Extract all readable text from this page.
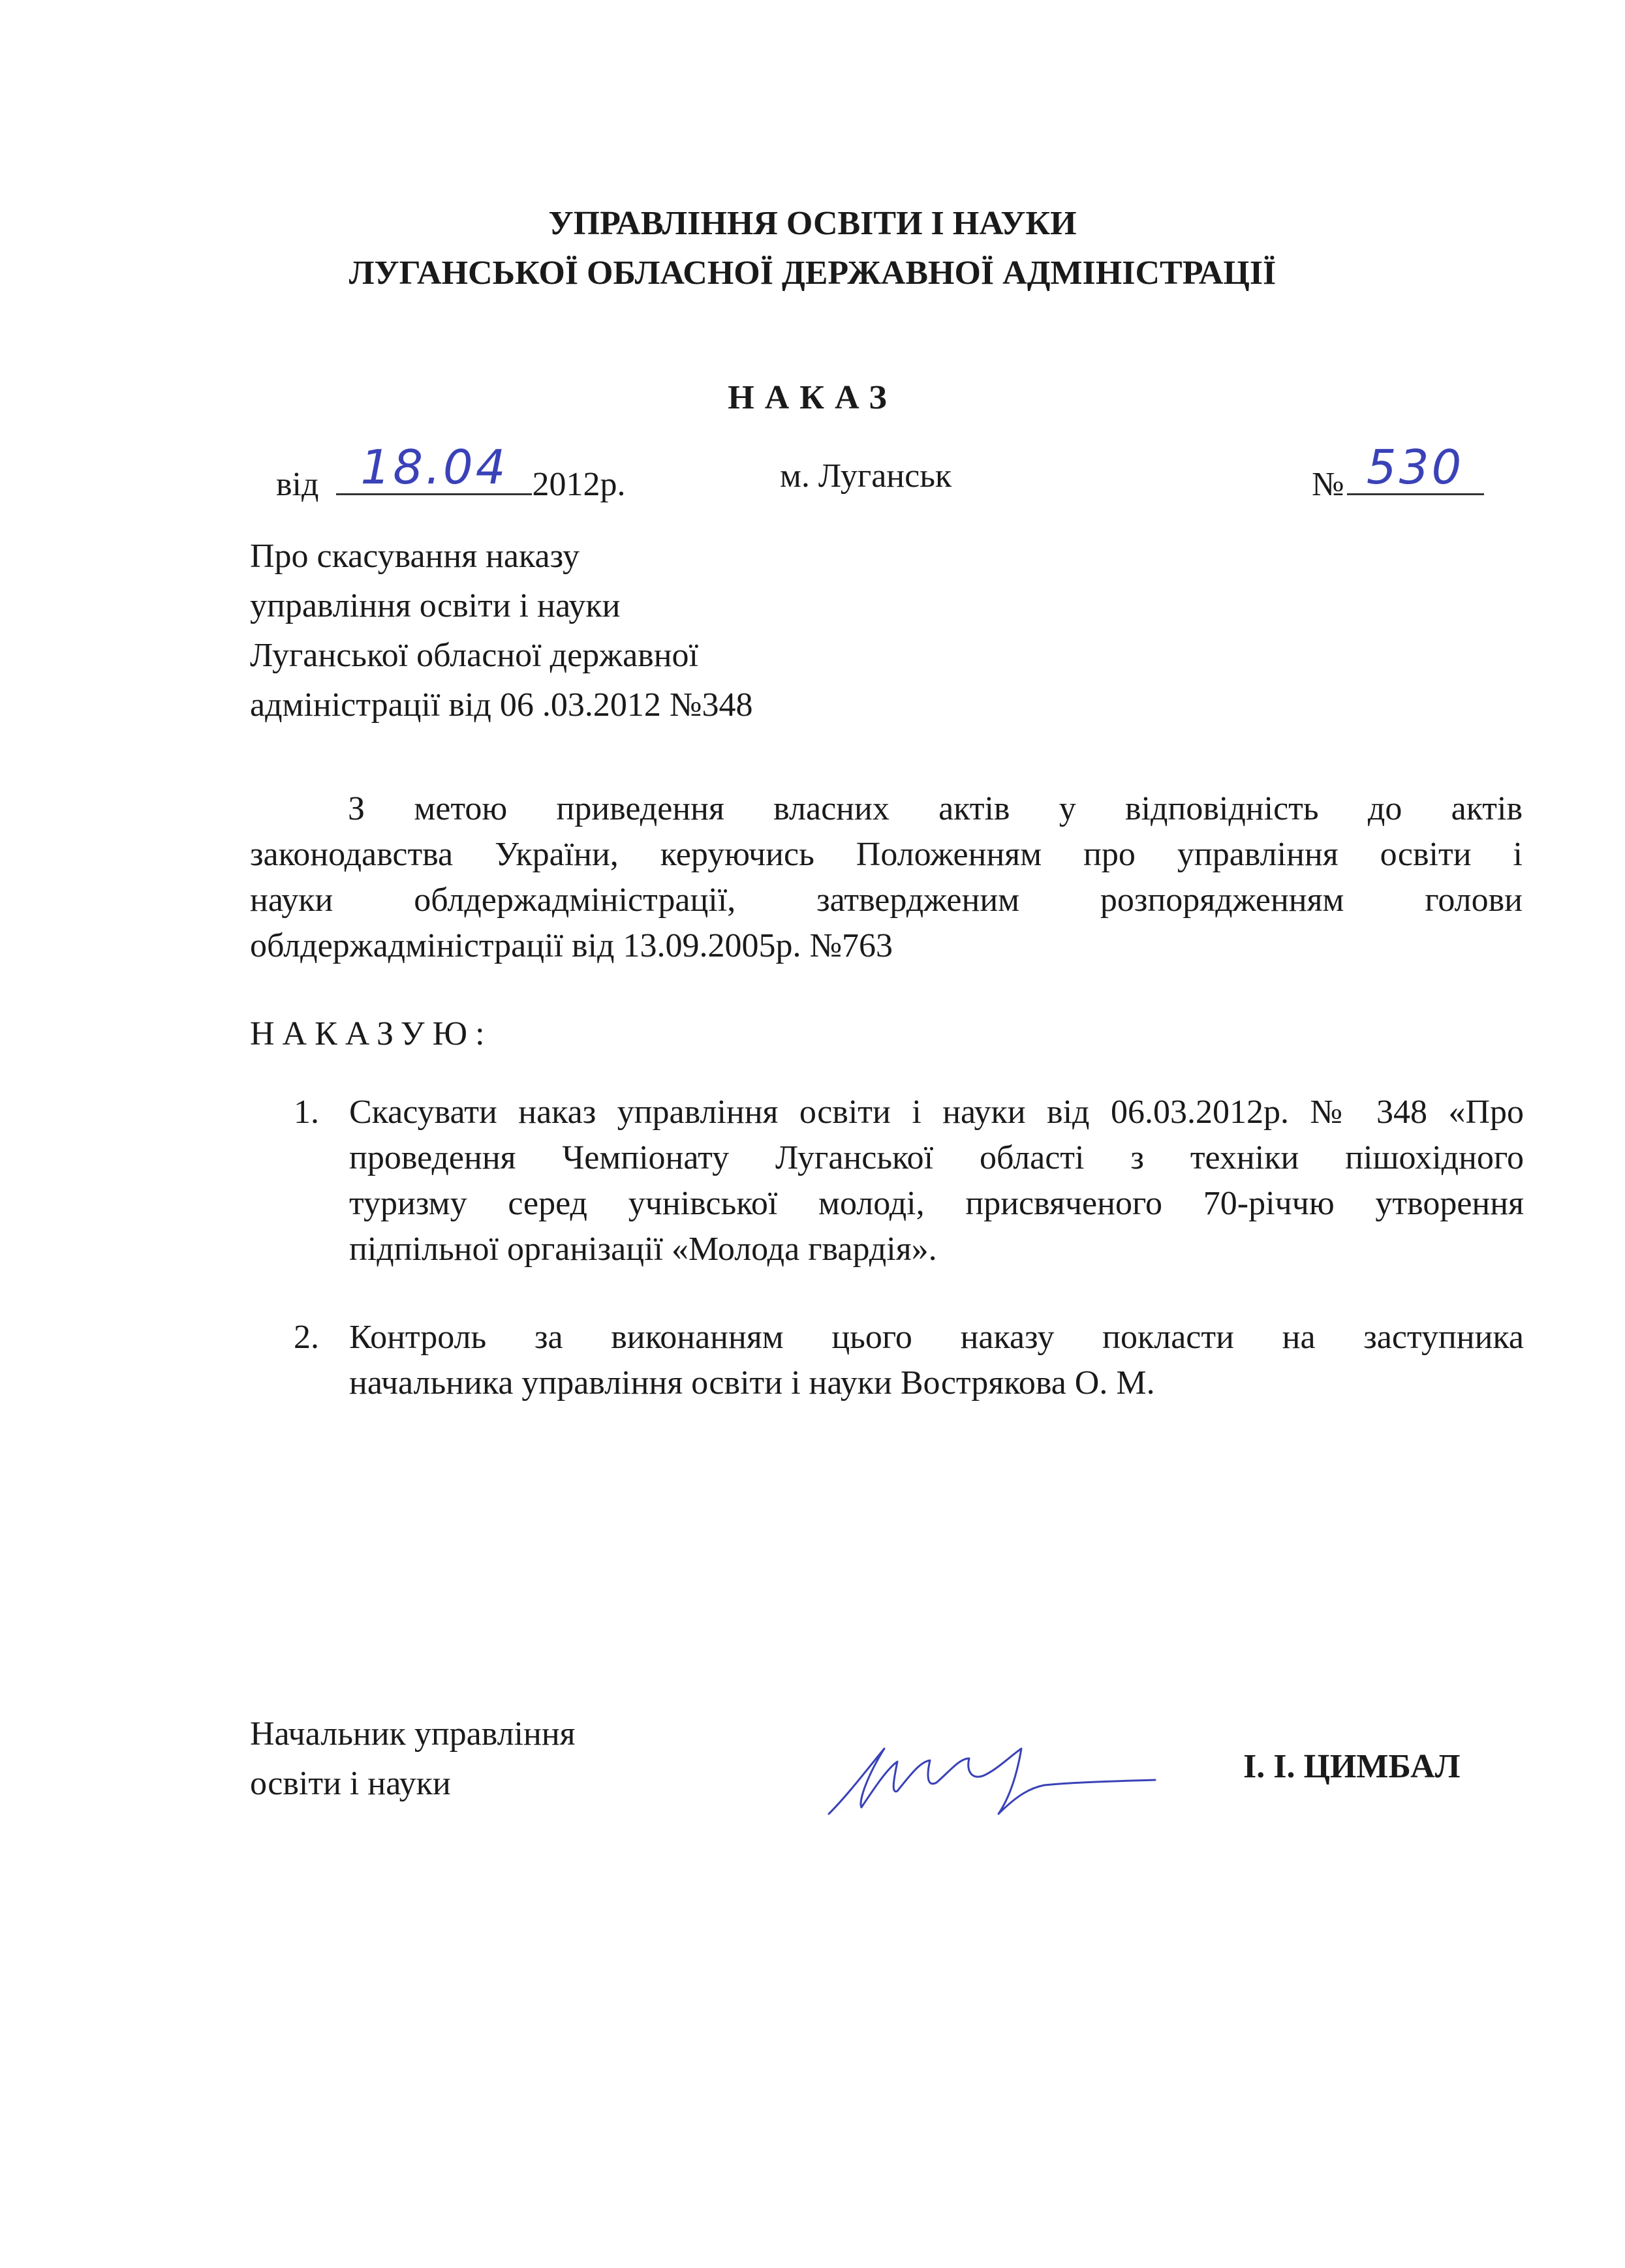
УПРАВЛІННЯ ОСВІТИ І НАУКИ
ЛУГАНСЬКОЇ ОБЛАСНОЇ ДЕРЖАВНОЇ АДМІНІСТРАЦІЇ
НАКАЗ
від 18.04 2012р.	м. Луганськ	№ 530
Про скасування наказу
управління освіти і науки
Луганської обласної державної
адміністрації від 06 .03.2012 №348
З метою приведення власних актів у відповідність до актів
законодавства України, керуючись Положенням про управління освіти і
науки облдержадміністрації, затвердженим розпорядженням голови
облдержадміністрації від 13.09.2005р. №763
НАКАЗУЮ:
1. Скасувати наказ управління освіти і науки від 06.03.2012р. № 348 «Про
проведення Чемпіонату Луганської області з техніки пішохідного
туризму серед учнівської молоді, присвяченого 70-річчю утворення
підпільної організації «Молода гвардія».
2. Контроль за виконанням цього наказу покласти на заступника
начальника управління освіти і науки Вострякова О. М.
Начальник управління
освіти і науки	І. І. ЦИМБАЛ
